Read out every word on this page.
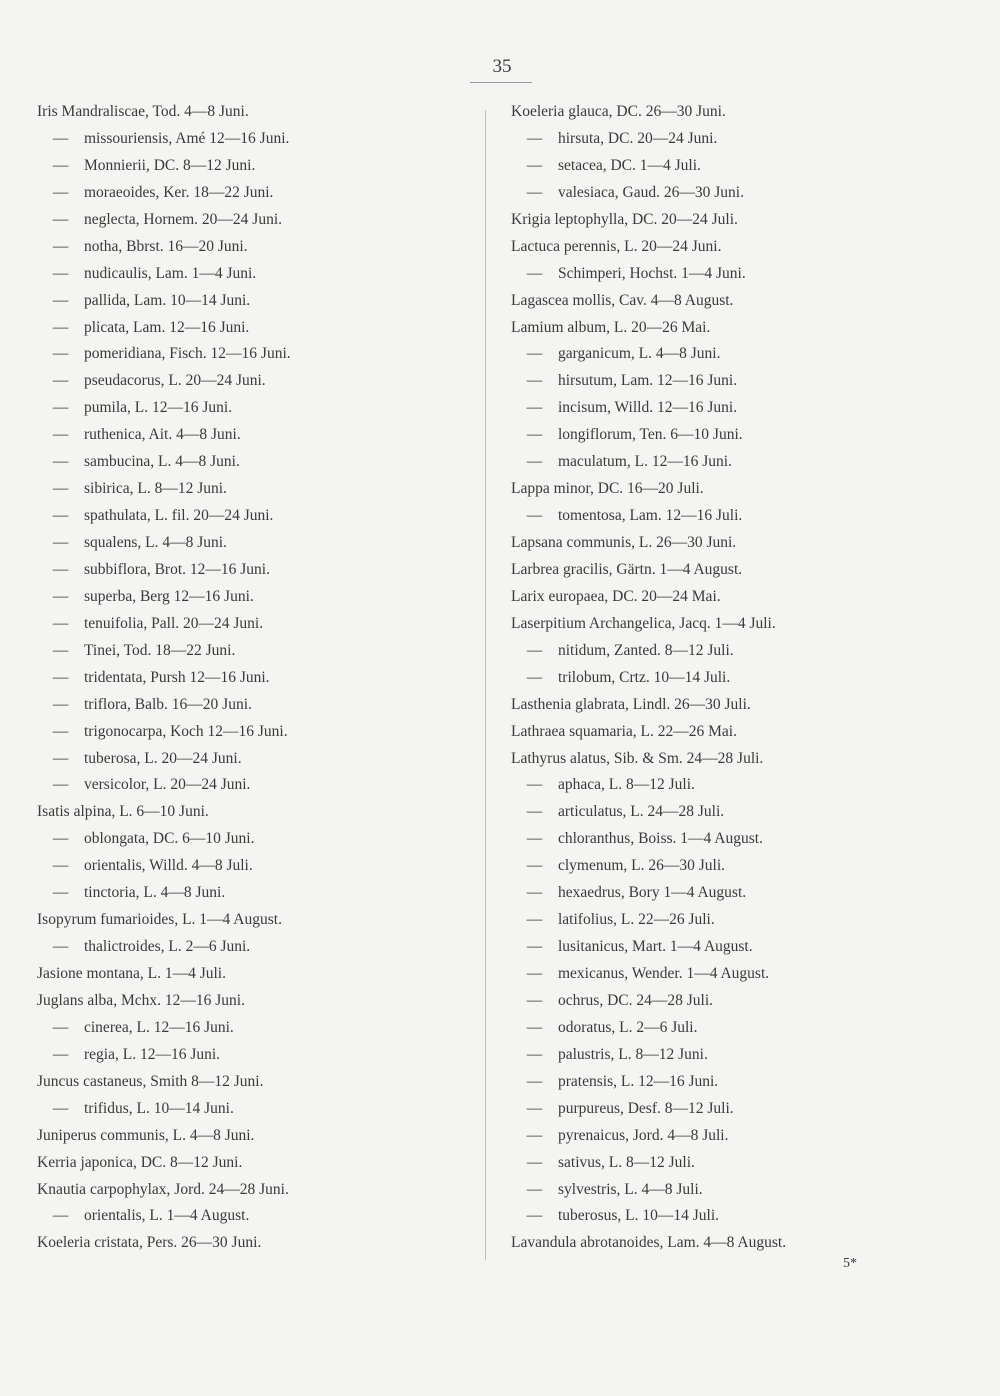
35
Iris Mandraliscae, Tod. 4—8 Juni.
— missouriensis, Amé 12—16 Juni.
— Monnierii, DC. 8—12 Juni.
— moraeoides, Ker. 18—22 Juni.
— neglecta, Hornem. 20—24 Juni.
— notha, Bbrst. 16—20 Juni.
— nudicaulis, Lam. 1—4 Juni.
— pallida, Lam. 10—14 Juni.
— plicata, Lam. 12—16 Juni.
— pomeridiana, Fisch. 12—16 Juni.
— pseudacorus, L. 20—24 Juni.
— pumila, L. 12—16 Juni.
— ruthenica, Ait. 4—8 Juni.
— sambucina, L. 4—8 Juni.
— sibirica, L. 8—12 Juni.
— spathulata, L. fil. 20—24 Juni.
— squalens, L. 4—8 Juni.
— subbiflora, Brot. 12—16 Juni.
— superba, Berg 12—16 Juni.
— tenuifolia, Pall. 20—24 Juni.
— Tinei, Tod. 18—22 Juni.
— tridentata, Pursh 12—16 Juni.
— triflora, Balb. 16—20 Juni.
— trigonocarpa, Koch 12—16 Juni.
— tuberosa, L. 20—24 Juni.
— versicolor, L. 20—24 Juni.
Isatis alpina, L. 6—10 Juni.
— oblongata, DC. 6—10 Juni.
— orientalis, Willd. 4—8 Juli.
— tinctoria, L. 4—8 Juni.
Isopyrum fumarioides, L. 1—4 August.
— thalictroides, L. 2—6 Juni.
Jasione montana, L. 1—4 Juli.
Juglans alba, Mchx. 12—16 Juni.
— cinerea, L. 12—16 Juni.
— regia, L. 12—16 Juni.
Juncus castaneus, Smith 8—12 Juni.
— trifidus, L. 10—14 Juni.
Juniperus communis, L. 4—8 Juni.
Kerria japonica, DC. 8—12 Juni.
Knautia carpophylax, Jord. 24—28 Juni.
— orientalis, L. 1—4 August.
Koeleria cristata, Pers. 26—30 Juni.
Koeleria glauca, DC. 26—30 Juni.
— hirsuta, DC. 20—24 Juni.
— setacea, DC. 1—4 Juli.
— valesiaca, Gaud. 26—30 Juni.
Krigia leptophylla, DC. 20—24 Juli.
Lactuca perennis, L. 20—24 Juni.
— Schimperi, Hochst. 1—4 Juni.
Lagascea mollis, Cav. 4—8 August.
Lamium album, L. 20—26 Mai.
— garganicum, L. 4—8 Juni.
— hirsutum, Lam. 12—16 Juni.
— incisum, Willd. 12—16 Juni.
— longiflorum, Ten. 6—10 Juni.
— maculatum, L. 12—16 Juni.
Lappa minor, DC. 16—20 Juli.
— tomentosa, Lam. 12—16 Juli.
Lapsana communis, L. 26—30 Juni.
Larbrea gracilis, Gärtn. 1—4 August.
Larix europaea, DC. 20—24 Mai.
Laserpitium Archangelica, Jacq. 1—4 Juli.
— nitidum, Zanted. 8—12 Juli.
— trilobum, Crtz. 10—14 Juli.
Lasthenia glabrata, Lindl. 26—30 Juli.
Lathraea squamaria, L. 22—26 Mai.
Lathyrus alatus, Sib. & Sm. 24—28 Juli.
— aphaca, L. 8—12 Juli.
— articulatus, L. 24—28 Juli.
— chloranthus, Boiss. 1—4 August.
— clymenum, L. 26—30 Juli.
— hexaedrus, Bory 1—4 August.
— latifolius, L. 22—26 Juli.
— lusitanicus, Mart. 1—4 August.
— mexicanus, Wender. 1—4 August.
— ochrus, DC. 24—28 Juli.
— odoratus, L. 2—6 Juli.
— palustris, L. 8—12 Juni.
— pratensis, L. 12—16 Juni.
— purpureus, Desf. 8—12 Juli.
— pyrenaicus, Jord. 4—8 Juli.
— sativus, L. 8—12 Juli.
— sylvestris, L. 4—8 Juli.
— tuberosus, L. 10—14 Juli.
Lavandula abrotanoides, Lam. 4—8 August.
5*
